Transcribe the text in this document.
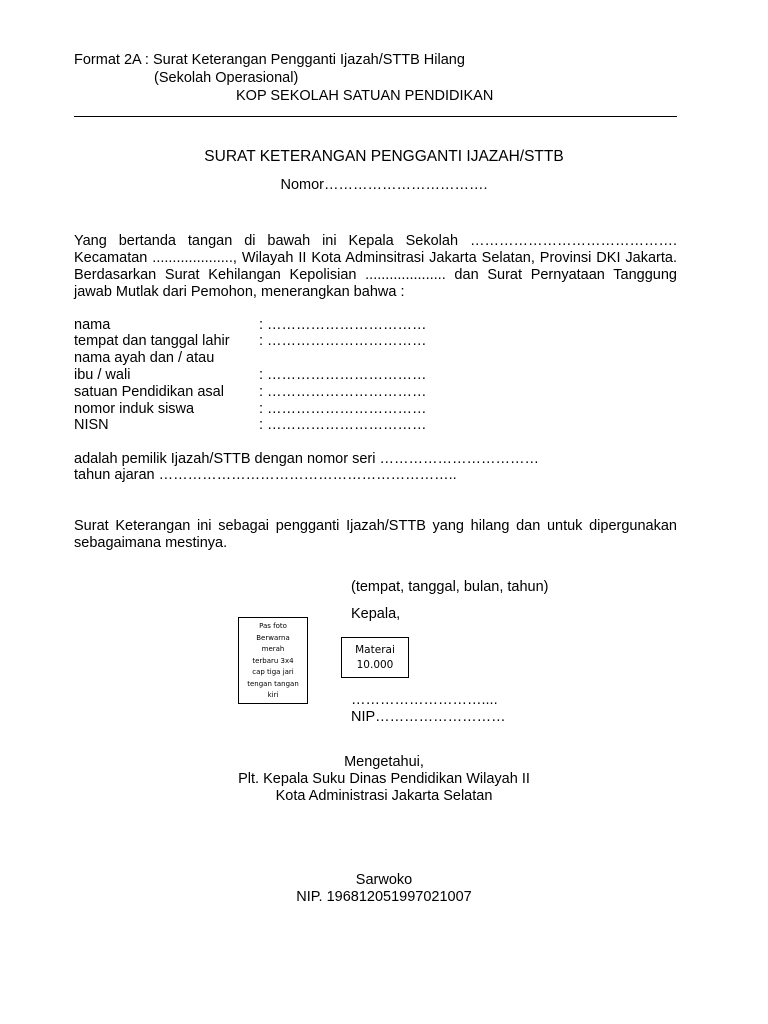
Format 2A : Surat Keterangan Pengganti Ijazah/STTB Hilang
(Sekolah Operasional)
KOP SEKOLAH SATUAN PENDIDIKAN
SURAT KETERANGAN PENGGANTI IJAZAH/STTB
Nomor…………………………….
Yang bertanda tangan di bawah ini Kepala Sekolah ……………………………………. Kecamatan ...................., Wilayah II Kota Adminsitrasi Jakarta Selatan, Provinsi DKI Jakarta. Berdasarkan Surat Kehilangan Kepolisian .................... dan Surat Pernyataan Tanggung jawab Mutlak dari Pemohon, menerangkan bahwa :
nama	: ……………………………
tempat dan tanggal lahir : ……………………………
nama ayah dan / atau
ibu / wali	: ……………………………
satuan Pendidikan asal : ……………………………
nomor induk siswa	: ……………………………
NISN	: ……………………………
adalah pemilik Ijazah/STTB dengan nomor seri ……………………………
tahun ajaran ……………………………………………………..
Surat Keterangan ini sebagai pengganti Ijazah/STTB yang hilang dan untuk dipergunakan sebagaimana mestinya.
(tempat, tanggal, bulan, tahun)
Kepala,
Pas foto
Berwarna
merah
terbaru 3x4
cap tiga jari
tengan tangan
kiri
Materai
10.000
………………………....
NIP………………………
Mengetahui,
Plt. Kepala Suku Dinas Pendidikan Wilayah II
Kota Administrasi Jakarta Selatan
Sarwoko
NIP. 196812051997021007
